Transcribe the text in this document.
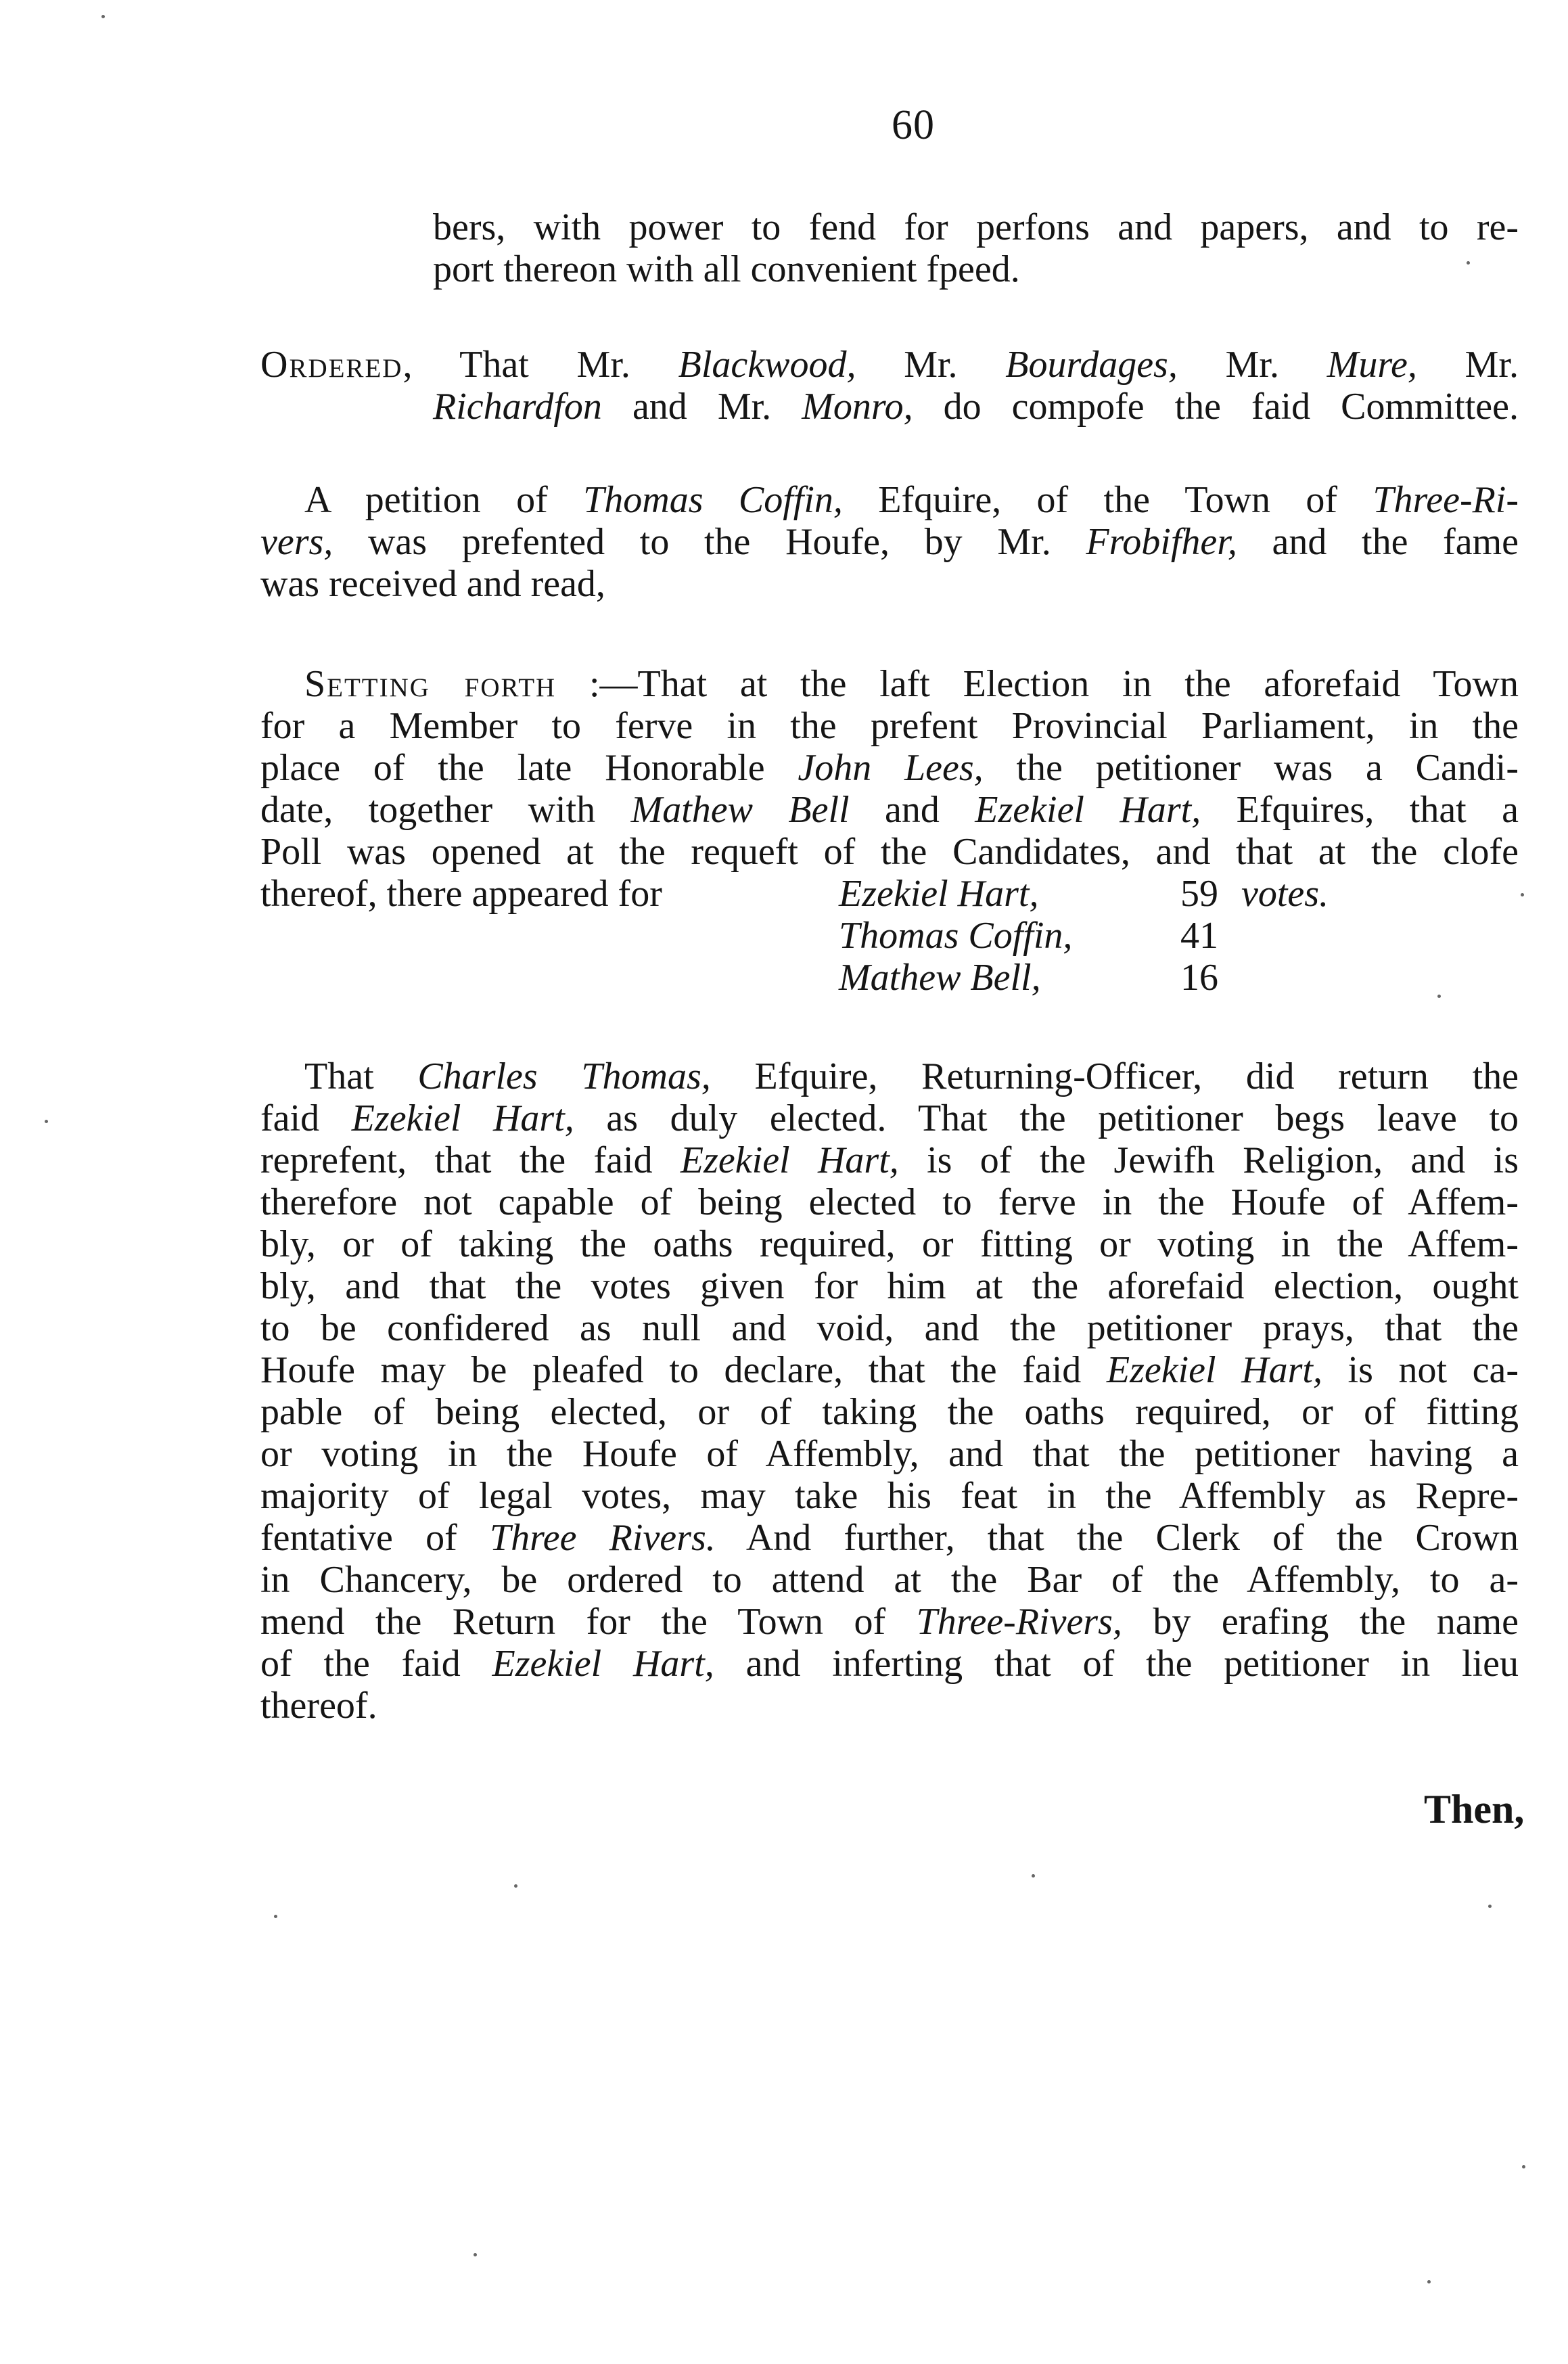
60
bers, with power to fend for perfons and papers, and to re-
port thereon with all convenient fpeed.
Ordered, That Mr. Blackwood, Mr. Bourdages, Mr. Mure, Mr.
Richardfon and Mr. Monro, do compofe the faid Committee.
A petition of Thomas Coffin, Efquire, of the Town of Three-Ri-
vers, was prefented to the Houfe, by Mr. Frobifher, and the fame
was received and read,
Setting forth :—That at the laft Election in the aforefaid Town
for a Member to ferve in the prefent Provincial Parliament, in the
place of the late Honorable John Lees, the petitioner was a Candi-
date, together with Mathew Bell and Ezekiel Hart, Efquires, that a
Poll was opened at the requeft of the Candidates, and that at the clofe
thereof, there appeared for	Ezekiel Hart,	59 votes.
Thomas Coffin,	41
Mathew Bell,	16
That Charles Thomas, Efquire, Returning-Officer, did return the
faid Ezekiel Hart, as duly elected. That the petitioner begs leave to
reprefent, that the faid Ezekiel Hart, is of the Jewifh Religion, and is
therefore not capable of being elected to ferve in the Houfe of Affem-
bly, or of taking the oaths required, or fitting or voting in the Affem-
bly, and that the votes given for him at the aforefaid election, ought
to be confidered as null and void, and the petitioner prays, that the
Houfe may be pleafed to declare, that the faid Ezekiel Hart, is not ca-
pable of being elected, or of taking the oaths required, or of fitting
or voting in the Houfe of Affembly, and that the petitioner having a
majority of legal votes, may take his feat in the Affembly as Repre-
fentative of Three Rivers. And further, that the Clerk of the Crown
in Chancery, be ordered to attend at the Bar of the Affembly, to a-
mend the Return for the Town of Three-Rivers, by erafing the name
of the faid Ezekiel Hart, and inferting that of the petitioner in lieu
thereof.
Then,
